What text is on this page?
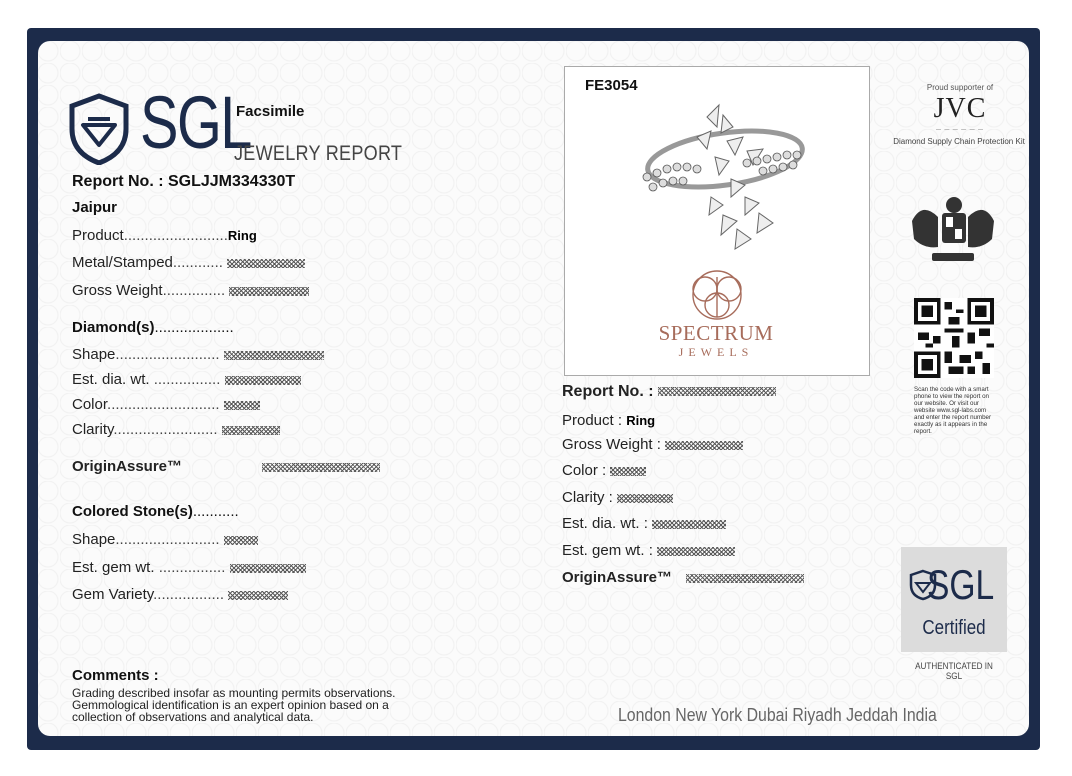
SGL
Facsimile
JEWELRY REPORT
Report No. : SGLJJM334330T
Jaipur
Product.........................Ring
Metal/Stamped............
Gross Weight...............
Diamond(s)...................
Shape.........................
Est. dia. wt. ................
Color...........................
Clarity.........................
OriginAssure™
Colored Stone(s)...........
Shape.........................
Est. gem wt. ................
Gem Variety.................
Comments :
Grading described insofar as mounting permits observations. Gemmological identification is an expert opinion based on a collection of observations and analytical data.
FE3054
SPECTRUM
JEWELS
Report No. :
Product : Ring
Gross Weight :
Color :
Clarity :
Est. dia. wt. :
Est. gem wt. :
OriginAssure™
Proud supporter of
JVC
— — — — — —
Diamond Supply Chain Protection Kit
Scan the code with a smart phone to view the report on our website. Or visit our website www.sgl-labs.com and enter the report number exactly as it appears in the report.
SGL
Certified
AUTHENTICATED IN SGL
London New York Dubai Riyadh Jeddah India
